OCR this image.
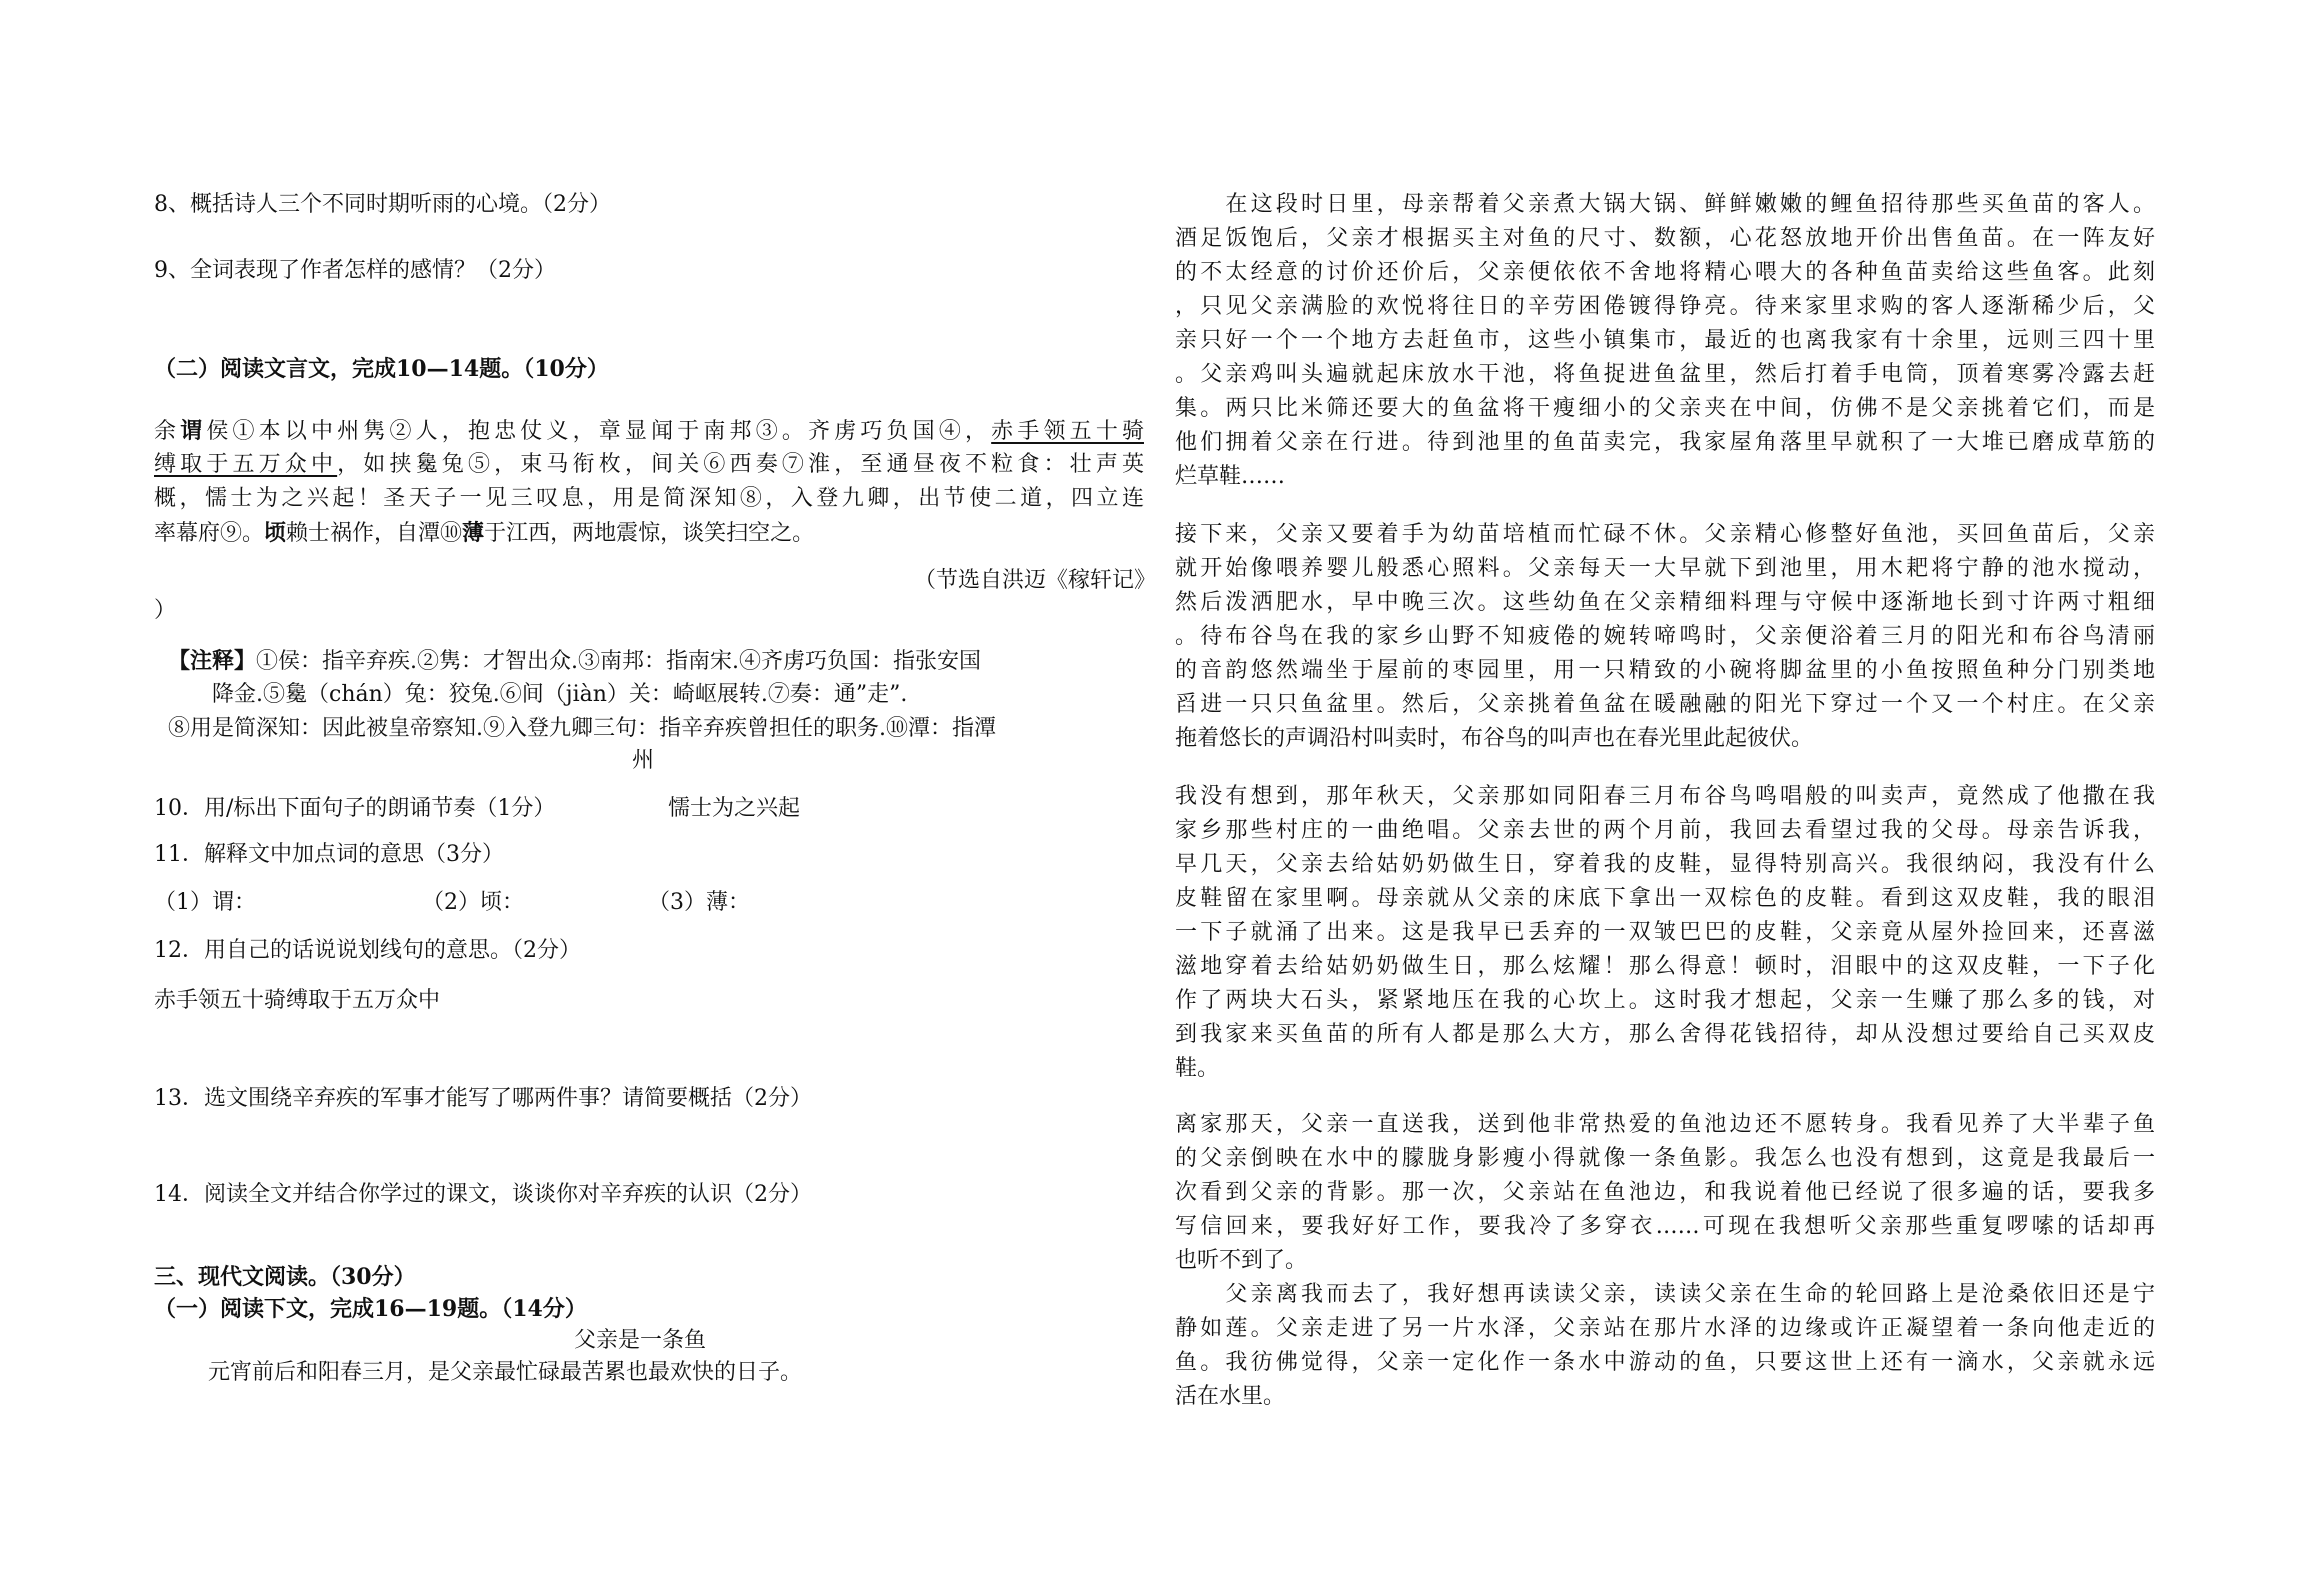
8、概括诗人三个不同时期听雨的心境。（2分）
9、全词表现了作者怎样的感情？（2分）
（二）阅读文言文，完成10—14题。（10分）
余谓侯①本以中州隽②人，抱忠仗义，章显闻于南邦③。齐虏巧负国④，赤手领五十骑
缚取于五万众中，如挟毚兔⑤，束马衔枚，间关⑥西奏⑦淮，至通昼夜不粒食：壮声英
概，懦士为之兴起！圣天子一见三叹息，用是简深知⑧，入登九卿，出节使二道，四立连
率幕府⑨。顷赖士祸作，自潭⑩薄于江西，两地震惊，谈笑扫空之。
（节选自洪迈《稼轩记》
）
【注释】①侯：指辛弃疾.②隽：才智出众.③南邦：指南宋.④齐虏巧负国：指张安国
降金.⑤毚（chán）兔：狡兔.⑥间（jiàn）关：崎岖展转.⑦奏：通”走”.
⑧用是简深知：因此被皇帝察知.⑨入登九卿三句：指辛弃疾曾担任的职务.⑩潭：指潭
州
10．用/标出下面句子的朗诵节奏（1分）	懦士为之兴起
11．解释文中加点词的意思（3分）
（1）谓：	（2）顷：	（3）薄：
12．用自己的话说说划线句的意思。（2分）
赤手领五十骑缚取于五万众中
13．选文围绕辛弃疾的军事才能写了哪两件事？请简要概括（2分）
14．阅读全文并结合你学过的课文，谈谈你对辛弃疾的认识（2分）
三、现代文阅读。（30分）
（一）阅读下文，完成16—19题。（14分）
父亲是一条鱼
元宵前后和阳春三月，是父亲最忙碌最苦累也最欢快的日子。
　　在这段时日里，母亲帮着父亲煮大锅大锅、鲜鲜嫩嫩的鲤鱼招待那些买鱼苗的客人。
酒足饭饱后，父亲才根据买主对鱼的尺寸、数额，心花怒放地开价出售鱼苗。在一阵友好
的不太经意的讨价还价后，父亲便依依不舍地将精心喂大的各种鱼苗卖给这些鱼客。此刻
，只见父亲满脸的欢悦将往日的辛劳困倦镀得铮亮。待来家里求购的客人逐渐稀少后，父
亲只好一个一个地方去赶鱼市，这些小镇集市，最近的也离我家有十余里，远则三四十里
。父亲鸡叫头遍就起床放水干池，将鱼捉进鱼盆里，然后打着手电筒，顶着寒雾冷露去赶
集。两只比米筛还要大的鱼盆将干瘦细小的父亲夹在中间，仿佛不是父亲挑着它们，而是
他们拥着父亲在行进。待到池里的鱼苗卖完，我家屋角落里早就积了一大堆已磨成草筋的
烂草鞋……
接下来，父亲又要着手为幼苗培植而忙碌不休。父亲精心修整好鱼池，买回鱼苗后，父亲
就开始像喂养婴儿般悉心照料。父亲每天一大早就下到池里，用木耙将宁静的池水搅动，
然后泼洒肥水，早中晚三次。这些幼鱼在父亲精细料理与守候中逐渐地长到寸许两寸粗细
。待布谷鸟在我的家乡山野不知疲倦的婉转啼鸣时，父亲便浴着三月的阳光和布谷鸟清丽
的音韵悠然端坐于屋前的枣园里，用一只精致的小碗将脚盆里的小鱼按照鱼种分门别类地
舀进一只只鱼盆里。然后，父亲挑着鱼盆在暖融融的阳光下穿过一个又一个村庄。在父亲
拖着悠长的声调沿村叫卖时，布谷鸟的叫声也在春光里此起彼伏。
我没有想到，那年秋天，父亲那如同阳春三月布谷鸟鸣唱般的叫卖声，竟然成了他撒在我
家乡那些村庄的一曲绝唱。父亲去世的两个月前，我回去看望过我的父母。母亲告诉我，
早几天，父亲去给姑奶奶做生日，穿着我的皮鞋，显得特别高兴。我很纳闷，我没有什么
皮鞋留在家里啊。母亲就从父亲的床底下拿出一双棕色的皮鞋。看到这双皮鞋，我的眼泪
一下子就涌了出来。这是我早已丢弃的一双皱巴巴的皮鞋，父亲竟从屋外捡回来，还喜滋
滋地穿着去给姑奶奶做生日，那么炫耀！那么得意！顿时，泪眼中的这双皮鞋，一下子化
作了两块大石头，紧紧地压在我的心坎上。这时我才想起，父亲一生赚了那么多的钱，对
到我家来买鱼苗的所有人都是那么大方，那么舍得花钱招待，却从没想过要给自己买双皮
鞋。
离家那天，父亲一直送我，送到他非常热爱的鱼池边还不愿转身。我看见养了大半辈子鱼
的父亲倒映在水中的朦胧身影瘦小得就像一条鱼影。我怎么也没有想到，这竟是我最后一
次看到父亲的背影。那一次，父亲站在鱼池边，和我说着他已经说了很多遍的话，要我多
写信回来，要我好好工作，要我冷了多穿衣……可现在我想听父亲那些重复啰嗦的话却再
也听不到了。
　　父亲离我而去了，我好想再读读父亲，读读父亲在生命的轮回路上是沧桑依旧还是宁
静如莲。父亲走进了另一片水泽，父亲站在那片水泽的边缘或许正凝望着一条向他走近的
鱼。我彷佛觉得，父亲一定化作一条水中游动的鱼，只要这世上还有一滴水，父亲就永远
活在水里。
